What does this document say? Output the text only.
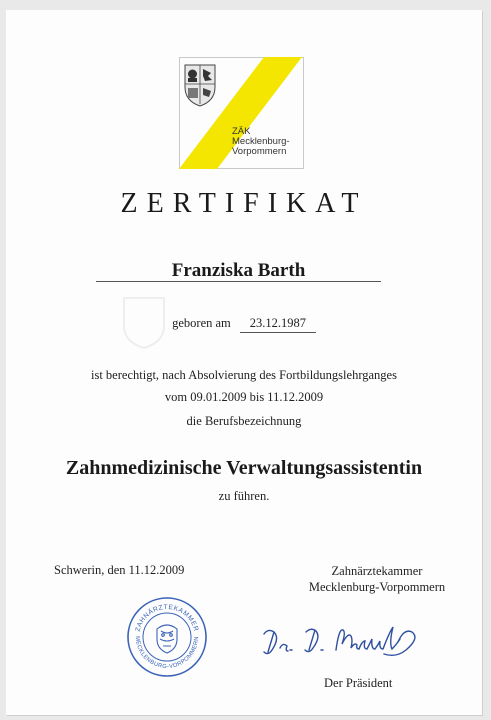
ZÄK
Mecklenburg-
Vorpommern
ZERTIFIKAT
Franziska Barth
geboren am 23.12.1987
ist berechtigt, nach Absolvierung des Fortbildungslehrganges
vom 09.01.2009 bis 11.12.2009
die Berufsbezeichnung
Zahnmedizinische Verwaltungsassistentin
zu führen.
Schwerin, den 11.12.2009	Zahnärztekammer
Mecklenburg-Vorpommern
ZAHNÄRZTEKAMMER
MECKLENBURG-VORPOMMERN
Der Präsident
